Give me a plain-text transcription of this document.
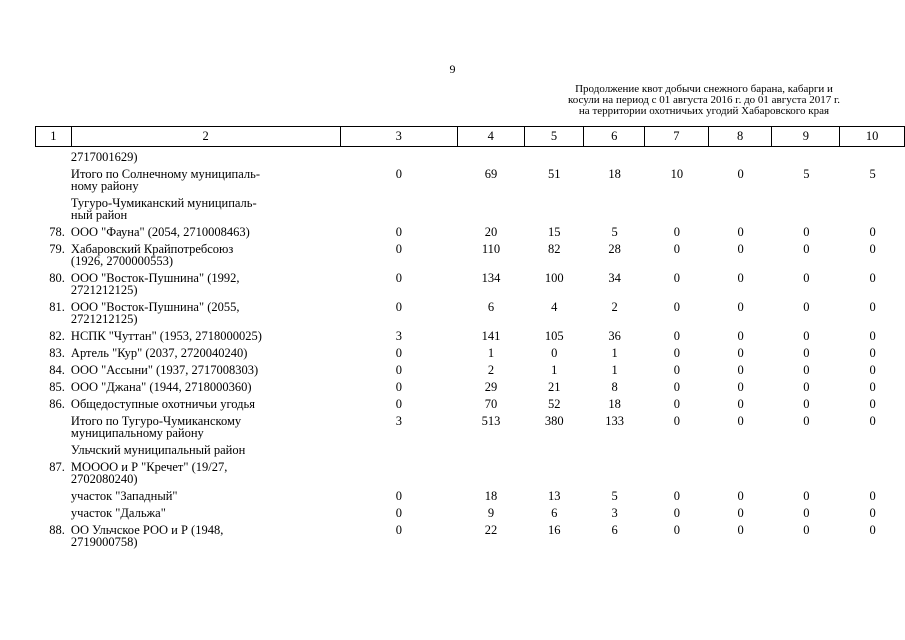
9
Продолжение квот добычи снежного барана, кабарги и
косули на период с 01 августа 2016 г. до 01 августа 2017 г.
на территории охотничьих угодий Хабаровского края
1	2	3	4	5	6	7	8	9	10

	2717001629)								

	Итого по Солнечному муниципаль-
ному району	0	69	51	18	10	0	5	5

	Тугуро-Чумиканский муниципаль-
ный район								

78.	ООО "Фауна" (2054, 2710008463)	0	20	15	5	0	0	0	0
79.	Хабаровский Крайпотребсоюз
(1926, 2700000553)	0	110	82	28	0	0	0	0
80.	ООО "Восток-Пушнина" (1992,
2721212125)	0	134	100	34	0	0	0	0
81.	ООО "Восток-Пушнина" (2055,
2721212125)	0	6	4	2	0	0	0	0
82.	НСПК "Чуттан" (1953, 2718000025)	3	141	105	36	0	0	0	0
83.	Артель "Кур" (2037, 2720040240)	0	1	0	1	0	0	0	0
84.	ООО "Ассыни" (1937, 2717008303)	0	2	1	1	0	0	0	0
85.	ООО "Джана" (1944, 2718000360)	0	29	21	8	0	0	0	0
86.	Общедоступные охотничьи угодья	0	70	52	18	0	0	0	0

	Итого по Тугуро-Чумиканскому
муниципальному району	3	513	380	133	0	0	0	0

	Ульчский муниципальный район								

87.	МОООО и Р "Кречет" (19/27,
2702080240)								

	участок "Западный"	0	18	13	5	0	0	0	0

	участок "Дальжа"	0	9	6	3	0	0	0	0
88.	ОО Ульчское РОО и Р (1948,
2719000758)	0	22	16	6	0	0	0	0
